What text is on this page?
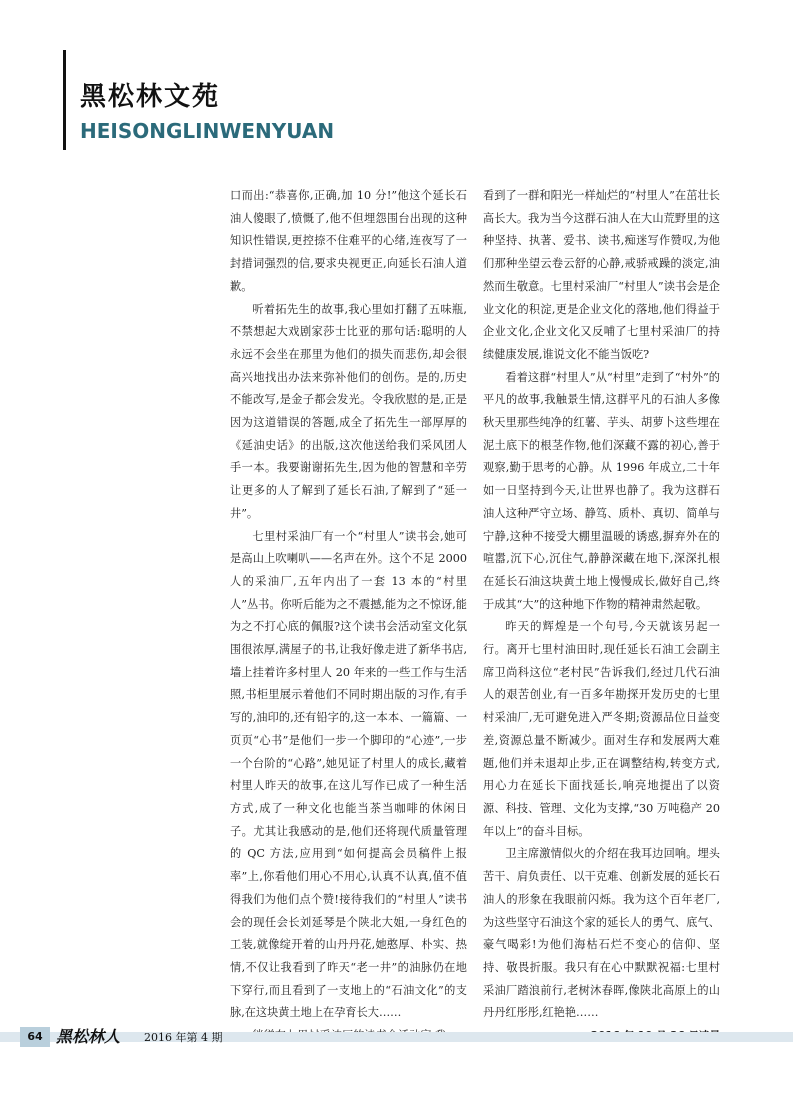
黑松林文苑
HEISONGLINWENYUAN

口而出:“恭喜你,正确,加 10 分!”他这个延长石油人傻眼了,愤慨了,他不但埋怨围台出现的这种知识性错误,更控捺不住难平的心绪,连夜写了一封措词强烈的信,要求央视更正,向延长石油人道歉。

听着拓先生的故事,我心里如打翻了五味瓶,不禁想起大戏剧家莎士比亚的那句话:聪明的人永远不会坐在那里为他们的损失而悲伤,却会很高兴地找出办法来弥补他们的创伤。是的,历史不能改写,是金子都会发光。令我欣慰的是,正是因为这道错误的答题,成全了拓先生一部厚厚的《延油史话》的出版,这次他送给我们采风团人手一本。我要谢谢拓先生,因为他的智慧和辛劳让更多的人了解到了延长石油,了解到了“延一井”。

七里村采油厂有一个“村里人”读书会,她可是高山上吹喇叭——名声在外。这个不足 2000 人的采油厂,五年内出了一套 13 本的“村里人”丛书。你听后能为之不震撼,能为之不惊讶,能为之不打心底的佩服?这个读书会活动室文化氛围很浓厚,满屋子的书,让我好像走进了新华书店,墙上挂着许多村里人 20 年来的一些工作与生活照,书柜里展示着他们不同时期出版的习作,有手写的,油印的,还有铅字的,这一本本、一篇篇、一页页“心书”是他们一步一个脚印的“心迹”,一步一个台阶的“心路”,她见证了村里人的成长,藏着村里人昨天的故事,在这儿写作已成了一种生活方式,成了一种文化也能当茶当咖啡的休闲日子。尤其让我感动的是,他们还将现代质量管理的 QC 方法,应用到“如何提高会员稿件上报率”上,你看他们用心不用心,认真不认真,值不值得我们为他们点个赞!接待我们的“村里人”读书会的现任会长刘延琴是个陕北大姐,一身红色的工装,就像绽开着的山丹丹花,她憨厚、朴实、热情,不仅让我看到了昨天“老一井”的油脉仍在地下穿行,而且看到了一支地上的“石油文化”的支脉,在这块黄土地上在孕育长大……

看到了一群和阳光一样灿烂的“村里人”在茁壮长高长大。我为当今这群石油人在大山荒野里的这种坚持、执著、爱书、读书,痴迷写作赞叹,为他们那种坐望云卷云舒的心静,戒骄戒躁的淡定,油然而生敬意。七里村采油厂“村里人”读书会是企业文化的积淀,更是企业文化的落地,他们得益于企业文化,企业文化又反哺了七里村采油厂的持续健康发展,谁说文化不能当饭吃?

看着这群“村里人”从“村里”走到了“村外”的平凡的故事,我触景生情,这群平凡的石油人多像秋天里那些纯净的红薯、芋头、胡萝卜这些埋在泥土底下的根茎作物,他们深藏不露的初心,善于观察,勤于思考的心静。从 1996 年成立,二十年如一日坚持到今天,让世界也静了。我为这群石油人这种严守立场、静笃、质朴、真切、简单与宁静,这种不接受大棚里温暖的诱惑,摒弃外在的喧嚣,沉下心,沉住气,静静深藏在地下,深深扎根在延长石油这块黄土地上慢慢成长,做好自己,终于成其“大”的这种地下作物的精神肃然起敬。

昨天的辉煌是一个句号,今天就该另起一行。离开七里村油田时,现任延长石油工会副主席卫尚科这位“老村民”告诉我们,经过几代石油人的艰苦创业,有一百多年勘探开发历史的七里村采油厂,无可避免进入严冬期;资源品位日益变差,资源总量不断减少。面对生存和发展两大难题,他们并未退却止步,正在调整结构,转变方式,用心力在延长下面找延长,响亮地提出了以资源、科技、管理、文化为支撑,“30 万吨稳产 20 年以上”的奋斗目标。

卫主席激情似火的介绍在我耳边回响。埋头苦干、肩负责任、以干克难、创新发展的延长石油人的形象在我眼前闪烁。我为这个百年老厂,为这些坚守石油这个家的延长人的勇气、底气、豪气喝彩!为他们海枯石烂不变心的信仰、坚持、敬畏折服。我只有在心中默默祝福:七里村采油厂踏浪前行,老树沐春晖,像陕北高原上的山丹丹红彤彤,红艳艳……

64 黑松林人 2016 年第 4 期
